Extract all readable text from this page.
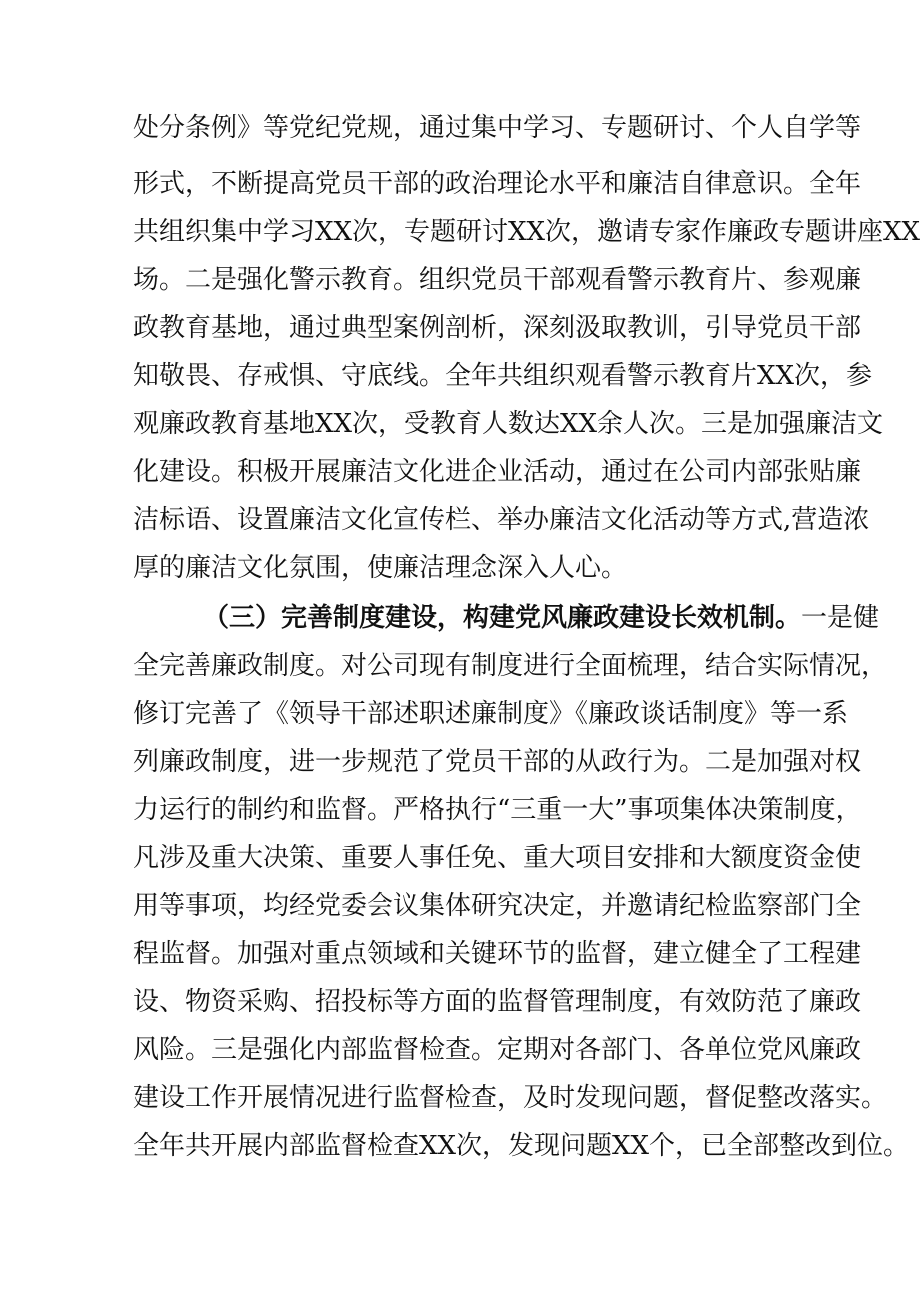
处分条例》等党纪党规，通过集中学习、专题研讨、个人自学等
形式，不断提高党员干部的政治理论水平和廉洁自律意识。全年
共组织集中学习XX次，专题研讨XX次，邀请专家作廉政专题讲座XX
场。二是强化警示教育。组织党员干部观看警示教育片、参观廉
政教育基地，通过典型案例剖析，深刻汲取教训，引导党员干部
知敬畏、存戒惧、守底线。全年共组织观看警示教育片XX次，参
观廉政教育基地XX次，受教育人数达XX余人次。三是加强廉洁文
化建设。积极开展廉洁文化进企业活动，通过在公司内部张贴廉
洁标语、设置廉洁文化宣传栏、举办廉洁文化活动等方式,营造浓
厚的廉洁文化氛围，使廉洁理念深入人心。
（三）完善制度建设，构建党风廉政建设长效机制。一是健
全完善廉政制度。对公司现有制度进行全面梳理，结合实际情况，
修订完善了《领导干部述职述廉制度》《廉政谈话制度》等一系
列廉政制度，进一步规范了党员干部的从政行为。二是加强对权
力运行的制约和监督。严格执行“三重一大”事项集体决策制度，
凡涉及重大决策、重要人事任免、重大项目安排和大额度资金使
用等事项，均经党委会议集体研究决定，并邀请纪检监察部门全
程监督。加强对重点领域和关键环节的监督，建立健全了工程建
设、物资采购、招投标等方面的监督管理制度，有效防范了廉政
风险。三是强化内部监督检查。定期对各部门、各单位党风廉政
建设工作开展情况进行监督检查，及时发现问题，督促整改落实。
全年共开展内部监督检查XX次，发现问题XX个，已全部整改到位。
